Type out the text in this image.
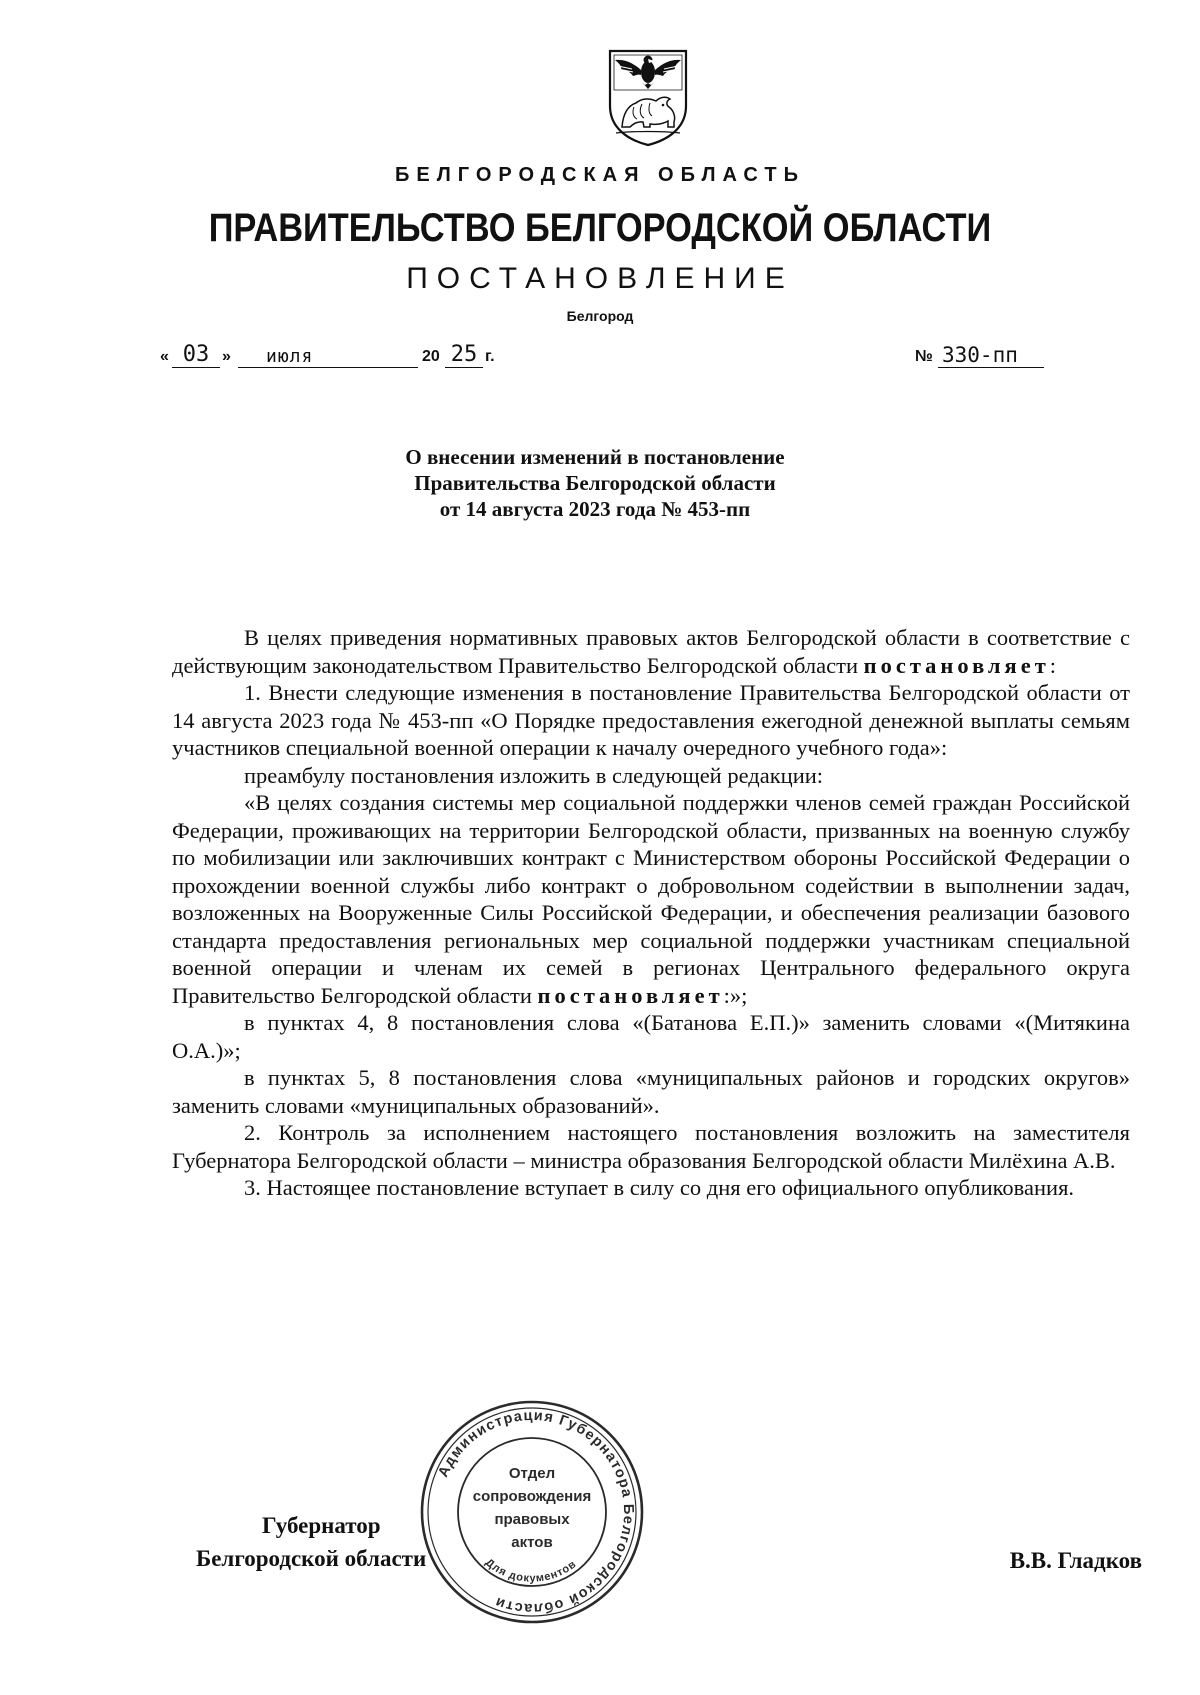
БЕЛГОРОДСКАЯ ОБЛАСТЬ
ПРАВИТЕЛЬСТВО БЕЛГОРОДСКОЙ ОБЛАСТИ
ПОСТАНОВЛЕНИЕ
Белгород
« 03 »	июля	20 25 г.	№ 330-пп
О внесении изменений в постановление
Правительства Белгородской области
от 14 августа 2023 года № 453-пп

В целях приведения нормативных правовых актов Белгородской области в соответствие с действующим законодательством Правительство Белгородской области постановляет:

1. Внести следующие изменения в постановление Правительства Белгородской области от 14 августа 2023 года № 453-пп «О Порядке предоставления ежегодной денежной выплаты семьям участников специальной военной операции к началу очередного учебного года»:

преамбулу постановления изложить в следующей редакции:

«В целях создания системы мер социальной поддержки членов семей граждан Российской Федерации, проживающих на территории Белгородской области, призванных на военную службу по мобилизации или заключивших контракт с Министерством обороны Российской Федерации о прохождении военной службы либо контракт о добровольном содействии в выполнении задач, возложенных на Вооруженные Силы Российской Федерации, и обеспечения реализации базового стандарта предоставления региональных мер социальной поддержки участникам специальной военной операции и членам их семей в регионах Центрального федерального округа Правительство Белгородской области постановляет:»;

в пунктах 4, 8 постановления слова «(Батанова Е.П.)» заменить словами «(Митякина О.А.)»;

в пунктах 5, 8 постановления слова «муниципальных районов и городских округов» заменить словами «муниципальных образований».

2. Контроль за исполнением настоящего постановления возложить на заместителя Губернатора Белгородской области – министра образования Белгородской области Милёхина А.В.

3. Настоящее постановление вступает в силу со дня его официального опубликования.

Губернатор
Белгородской области	В.В. Гладков
Администрация Губернатора Белгородской области
Отдел
сопровождения
правовых
актов
Для документов
